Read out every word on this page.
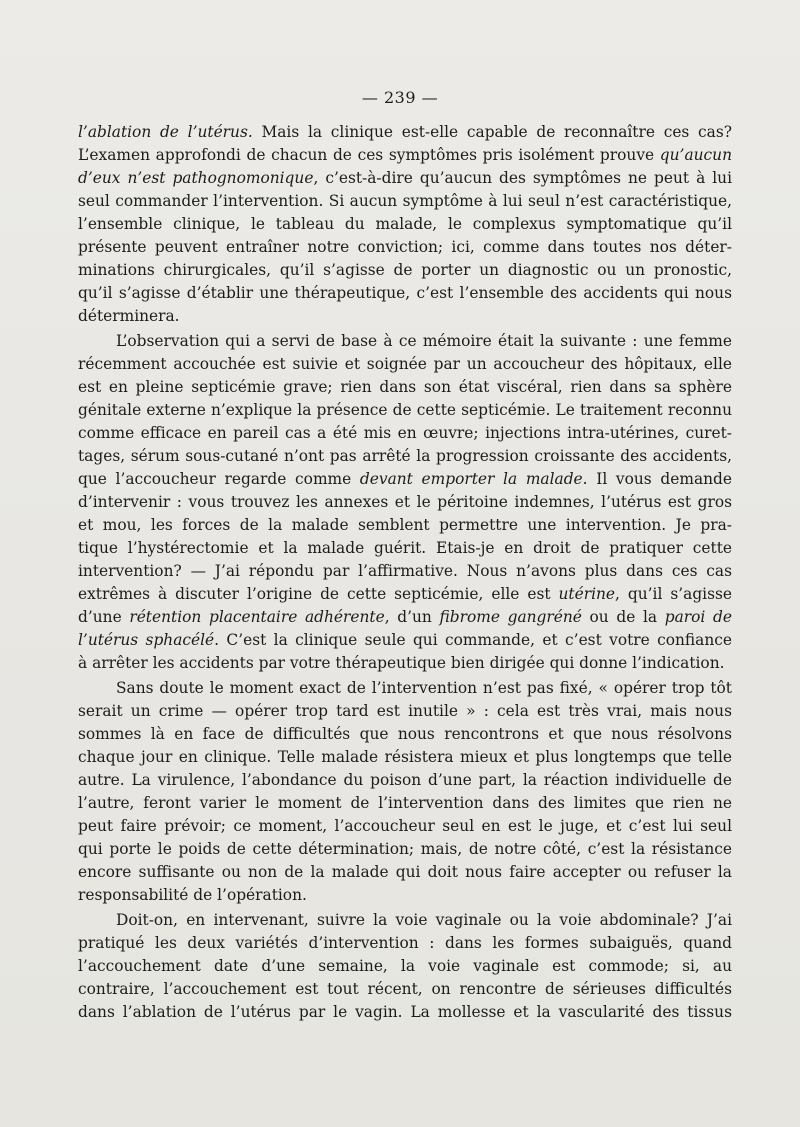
— 239 —
l’ablation de l’utérus. Mais la clinique est-elle capable de reconnaître ces cas?
L’examen approfondi de chacun de ces symptômes pris isolément prouve qu’aucun
d’eux n’est pathognomonique, c’est-à-dire qu’aucun des symptômes ne peut à lui
seul commander l’intervention. Si aucun symptôme à lui seul n’est caractéristique,
l’ensemble clinique, le tableau du malade, le complexus symptomatique qu’il
présente peuvent entraîner notre conviction; ici, comme dans toutes nos déter-
minations chirurgicales, qu’il s’agisse de porter un diagnostic ou un pronostic,
qu’il s’agisse d’établir une thérapeutique, c’est l’ensemble des accidents qui nous
déterminera.
L’observation qui a servi de base à ce mémoire était la suivante : une femme
récemment accouchée est suivie et soignée par un accoucheur des hôpitaux, elle
est en pleine septicémie grave; rien dans son état viscéral, rien dans sa sphère
génitale externe n’explique la présence de cette septicémie. Le traitement reconnu
comme efficace en pareil cas a été mis en œuvre; injections intra-utérines, curet-
tages, sérum sous-cutané n’ont pas arrêté la progression croissante des accidents,
que l’accoucheur regarde comme devant emporter la malade. Il vous demande
d’intervenir : vous trouvez les annexes et le péritoine indemnes, l’utérus est gros
et mou, les forces de la malade semblent permettre une intervention. Je pra-
tique l’hystérectomie et la malade guérit. Etais-je en droit de pratiquer cette
intervention? — J’ai répondu par l’affirmative. Nous n’avons plus dans ces cas
extrêmes à discuter l’origine de cette septicémie, elle est utérine, qu’il s’agisse
d’une rétention placentaire adhérente, d’un fibrome gangréné ou de la paroi de
l’utérus sphacélé. C’est la clinique seule qui commande, et c’est votre confiance
à arrêter les accidents par votre thérapeutique bien dirigée qui donne l’indication.
Sans doute le moment exact de l’intervention n’est pas fixé, « opérer trop tôt
serait un crime — opérer trop tard est inutile » : cela est très vrai, mais nous
sommes là en face de difficultés que nous rencontrons et que nous résolvons
chaque jour en clinique. Telle malade résistera mieux et plus longtemps que telle
autre. La virulence, l’abondance du poison d’une part, la réaction individuelle de
l’autre, feront varier le moment de l’intervention dans des limites que rien ne
peut faire prévoir; ce moment, l’accoucheur seul en est le juge, et c’est lui seul
qui porte le poids de cette détermination; mais, de notre côté, c’est la résistance
encore suffisante ou non de la malade qui doit nous faire accepter ou refuser la
responsabilité de l’opération.
Doit-on, en intervenant, suivre la voie vaginale ou la voie abdominale? J’ai
pratiqué les deux variétés d’intervention : dans les formes subaiguës, quand
l’accouchement date d’une semaine, la voie vaginale est commode; si, au
contraire, l’accouchement est tout récent, on rencontre de sérieuses difficultés
dans l’ablation de l’utérus par le vagin. La mollesse et la vascularité des tissus
